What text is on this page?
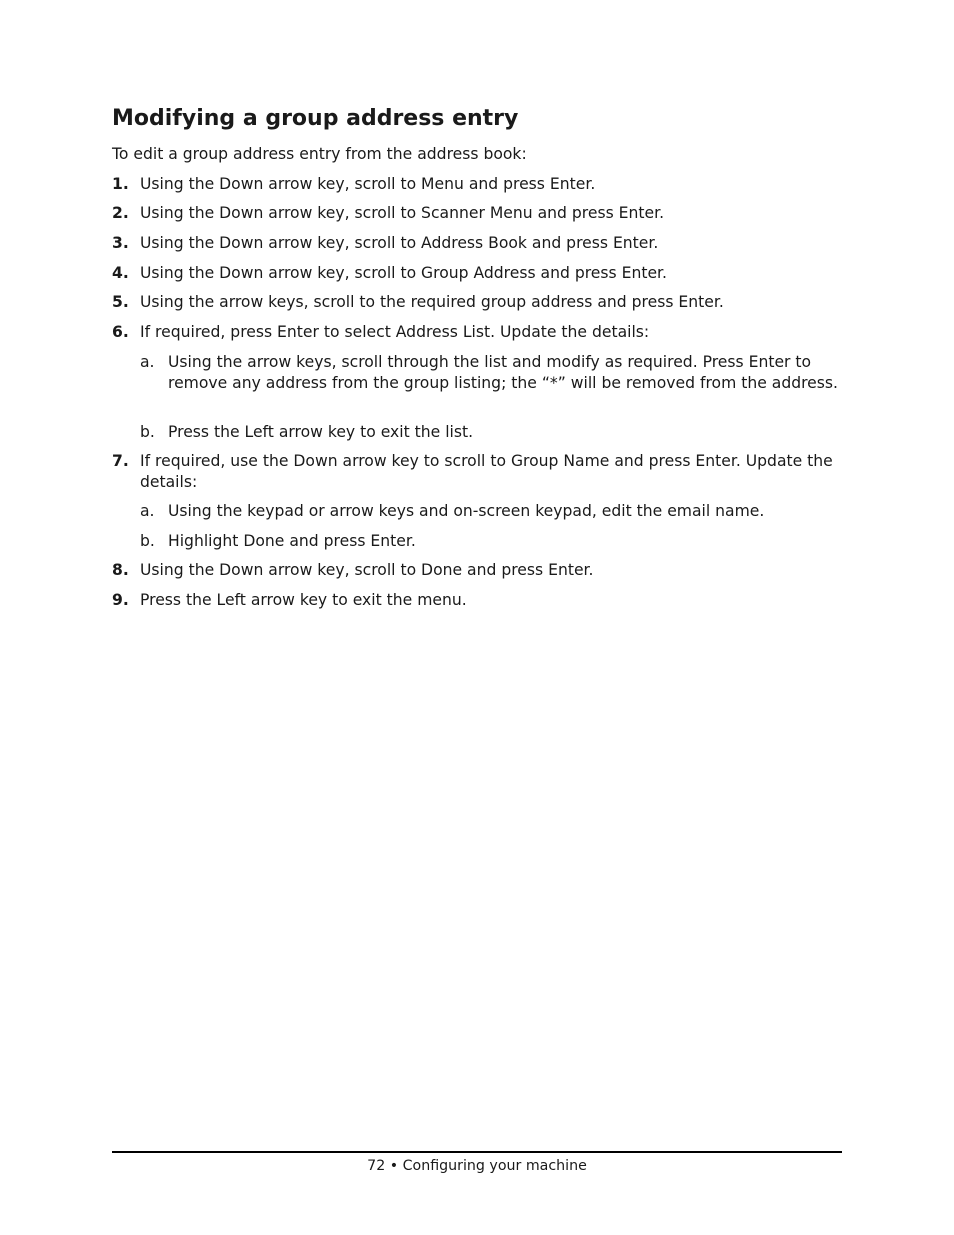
Modifying a group address entry

To edit a group address entry from the address book:

1. Using the Down arrow key, scroll to Menu and press Enter.
2. Using the Down arrow key, scroll to Scanner Menu and press Enter.
3. Using the Down arrow key, scroll to Address Book and press Enter.
4. Using the Down arrow key, scroll to Group Address and press Enter.
5. Using the arrow keys, scroll to the required group address and press Enter.
6. If required, press Enter to select Address List. Update the details:
a. Using the arrow keys, scroll through the list and modify as required. Press Enter to remove any address from the group listing; the “*” will be removed from the address.
b. Press the Left arrow key to exit the list.
7. If required, use the Down arrow key to scroll to Group Name and press Enter. Update the details:
a. Using the keypad or arrow keys and on-screen keypad, edit the email name.
b. Highlight Done and press Enter.
8. Using the Down arrow key, scroll to Done and press Enter.
9. Press the Left arrow key to exit the menu.
72 • Configuring your machine
